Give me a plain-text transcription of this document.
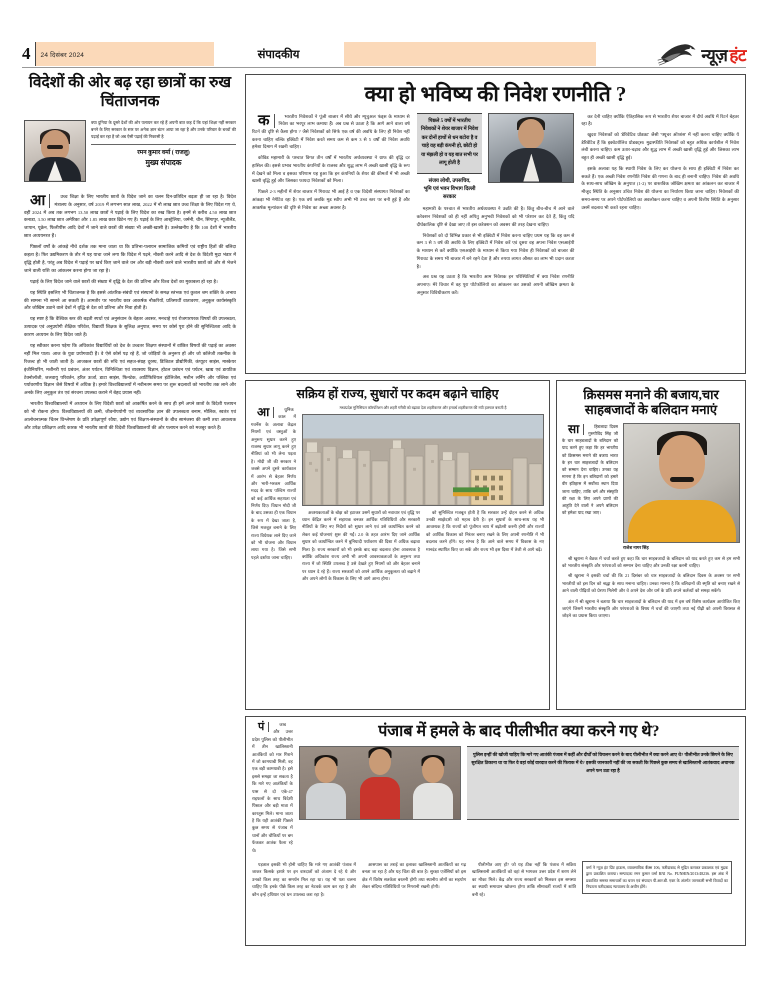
4	24 दिसंबर 2024	संपादकीय	न्यूज़ हंट
विदेशों की ओर बढ़ रहा छात्रों का रुख चिंताजनक
क्या दुनिया के दूसरे देशों की ओर पलायन कर रहे हैं अपनी बात कह दें कि यहां शिक्षा नहीं सरकार बनने के लिए सरकार के स्तर पर अनेक ज्ञान बंटन आया जा रहा है और उनके परिवार के बच्चों की पढ़ाई कर रहा है जो अब ऐसी पढ़ाई की निकासी है
रमन कुमार वर्मा ( राजलु)
मुख्य संपादक

आ	उच्च शिक्षा के लिए भारतीय छात्रों के विदेश जाने का चलन दिन-प्रतिदिन बढ़ता ही जा रहा है। विदेश मंत्रालय के अनुसार, वर्ष 2019 में लगभग सात लाख, 2022 में नौ लाख छात्र उच्च शिक्षा के लिए विदेश गए थे, वहीं 2024 में अब तक लगभग 13.50 लाख छात्रों ने पढ़ाई के लिए विदेश का रुख किया है। इनमें से करीब 4.50 लाख छात्र कनाडा, 3.50 लाख छात्र अमेरिका और 1.85 लाख छात्र ब्रिटेन गए हैं। पढ़ाई के लिए आस्ट्रेलिया, जर्मनी, चीन, सिंगापुर, न्यूजीलैंड, जापान, यूक्रेन, फिलीपींस आदि देशों में जाने वाले छात्रों की संख्या भी अच्छी-खासी है। उल्लेखनीय है कि 108 देशों में भारतीय छात्र अध्ययनरत हैं।

पिछलों वर्षों के आंकड़े नीचे दर्शक तक माना जाता था कि प्रतिभा-पलायन सामाजिक कमियों एवं राष्ट्रीय हितों की बलिदा कहता है। फिर उद्यमिकरण के तौर में यह याचा जाने लगा कि विदेश में पढ़ने, नौकरी करने आदि से देश के विदेशी मुद्रा भंडार में वृद्धि होती है, परंतु अब विदेश में पढ़ाई पर खर्च किए जाने वाले धन और बड़ी नौकरी करने वाले भारतीय छात्रों को और से भेजने जाने वाली राशि का आंकलन करना होगा जा रहा है।

पढ़ाई के लिए विदेश जाने वाले छात्रों की संख्या में वृद्धि के देश की प्रतिभा और विश्व देशों का मुकाबला हो रहा है।

यह स्थिति इसलिए भी चिंताजनक है कि इससे आंतरिक-संबंधी एवं संस्थानों के समक्ष स्तंभक एवं कुशल श्रम शक्ति के अभाव की सामना भी सामने आ सकती है। आमतौर पर भारतीय छात्र आकर्षक नौकरियों, प्रतिस्पर्धी वातावरण, अनुकूल कार्यसंस्कृति और जोखिम उठाने वाले देशों में वृद्धि से देश को प्रतिभा और निवा होती हैं।

यह स्पष्ट है कि वैश्विक स्तर की बढ़ती स्पर्धा एवं अनुसंधान के बेहतर अवसर, मनचाहे एवं रोजगारपरक विषयों की उपलब्धता, उत्पादक एवं अनुप्रयोगी शैक्षिक परिवेश, विद्यार्थी शिक्षक के सुलिक्ष अनुपात, समय पर कोर्स पूरा होने की सुनिश्चितता आदि के कारण अध्ययन के लिए विदेश जाते हैं।

यह स्वीकार करना पड़ेगा कि अधिकांश विद्यार्थियों को देश के उच्चतर शिक्षण संस्थानों में वांछित विषयों की पढ़ाई का अवसर नहीं मिल पाता। आज के युवा प्रयोगवादी हैं। वे ऐसे कोर्स पढ़ रहे हैं, जो जोड़ियों के अनुरूप हों और जो कॉलेजी तकनीक के रिजल्ट हो भी जाती जाती है। आजकल छात्रों की रुचि एवं सहज-संग्रह दूरस्थ, डिजिटल प्रौद्योगिकी, कंप्यूटर साइंस, मास्केयर इंजीनियरिंग, मशीनरी एवं प्रबंधन, अंतर पर्यटन, विनिश्चिता एवं व्यवसाय विज्ञान, होटल प्रबंधन एवं पर्यटन, खाद्य एवं डायटिक टेक्नोलॉजी, जलवायु परिवर्तन, हरित ऊर्जा, डाटा साइंस, फिनटेक, आर्टिफिशियल इंटेलिजेंस, मशीन लर्निंग और पब्लिक एवं पर्यावरणीय विज्ञान जैसे विषयों में अधिक है। हमारे विश्वविद्यालयों में नवीनतम समय पर शुरू बदलावों को भारतीय तक लाने और अनके लिए अनुकूल तंत्र एवं संरचना उपलब्ध कराने में बेहद प्रयास नहीं।

भारतीय विश्वविद्यालयों में अध्ययन के लिए विदेशी छात्रों को आकर्षित करने के साथ ही हमें अपने छात्रों के विदेशी पलायन को भी रोकना होगा। विश्वविद्यालयों की क्रमी, जीवनोपयोगी एवं व्यवसायिक ज्ञान की उपलब्धता बनाम, मौलिक, स्वतंत्र एवं आलोचनात्मक चिंतन विश्लेषण के प्रति उपेक्षापूर्ण रवैया, उद्योग एवं शिक्षण-संस्थानों के बीच सामंजस्य की कमी तथा आवश्यक और उपेक्ष प्रशिक्षण आदि कारक भी भारतीय छात्रों की विदेशी विश्वविद्यालयों की ओर पलायन करने को मजबूर करते हैं।

क्या हो भविष्य की निवेश रणनीति ?

क	भारतीय निवेशकों ने पूंजी बाजार में सीधे और म्यूचुअल फंड्स के माध्यम से निवेश का भरपूर लाभ कमाया हैं। अब प्रश्न से उठता है कि आगे आने वाला वर्ष रिटर्न की दृष्टि से कैसा होगा ? जैसे निवेशकों को सिर्फ एक वर्ष की अवधि के लिए ही निवेश नहीं करना चाहिए बल्कि इक्विटी में निवेश करते समय कम से कम 3 से 5 वर्षों की निवेश अवधि हमेशा दिमाग में रखनी चाहिए।

कोविड महामारी के पश्चात विगत तीन वर्षों में भारतीय अर्थव्यवस्था ने ग्राफ की वृद्धि दर हासिल की। इससे प्रभाव भारतीय कंपनियों के राजस्व और शुद्ध लाभ में अच्छी खासी वृद्धि के रूप में देखने को मिला व इसका परिणाम यह हुआ कि इन कंपनियों के शेयर की कीमतों में भी अच्छी खासी वृद्धि हुई और जिसका फायदा निवेशकों को मिला।

पिछले 2-3 महीनों में शेयर बाजार में गिरावट भी आई है व एक विदेशी संस्थागत निवेशकों का आंकड़ा भी नेगेटिव रहा है। एक वर्ष जबकि मूड स्वीप अभी भी उच्च स्तर पर बनी हुई है और आकर्षक मूल्यांकन की दृष्टि से निवेश का अच्छा अवसर है।

पिछले 5 वर्षों में भारतीय निवेशकों ने शेयर बाजार में निवेश कर दोनों हाथों से धन बटोरा है व चाहे वह बड़ी कंपनी हो, छोटी हो या मंझली हो व यह बात सभी पर लागू होती है
संजय लोथी, उपसचिव,
भूमि एवं भवन विभाग दिल्ली सरकार

महामारी के पश्चात से भारतीय अर्थव्यवस्था ने उन्नति की है। किंतु बीच-बीच में आने वाले करेक्शन निवेशकों को ही नहीं अपितु अनुभवी निवेशकों को भी परेशान कर देते हैं, किंतु यदि दीर्घकालिक दृष्टि से देखा जाए तो इस करेक्शन को अवसर की तरह देखना चाहिए।

निवेशकों को दो विभिन्न प्रकार से भी इक्विटी में निवेश करना चाहिए प्रथम यह कि वह कम से कम 3 से 5 वर्ष की अवधि के लिए इक्विटी में निवेश करें एवं दूसरा वह अपना निवेश एसआईपी के माध्यम से करें क्योंकि एसआईपी के माध्यम से किया गया निवेश ही निवेशकों को बाजार की गिरावट के समय भी बाजार में बने रहने देता है और रुपया लागत औसत का लाभ भी प्रदान करता है।

अब प्रश्न यह उठता है कि भारतीय आम निवेशक इन परिस्थितियों में क्या निवेश रणनीति अपनाए। मेरे विचार में वह पूरा पोर्टफोलियो का आंकलन कर उसको अपनी जोखिम क्षमता के अनुसार विविधीकरण करें।

कर देनी चाहिए क्योंकि ऐतिहासिक रूप से भारतीय शेयर बाजार में दीर्घ अवधि में रिटर्न बेहतर रहा है।

खुदरा निवेशकों को 'डेरिवेटिव प्रोडक्ट' जैसी 'फ्यूचर ऑप्शंस' में नहीं करना चाहिए क्योंकि ये डेरिवेटिव हैं कि इक्वेटरोलिव प्रोडक्ट्स। मुद्रास्फीति निवेशकों को बहुत अधिक कार्यशील में निवेश लंबी करना चाहिए। कम उतार-चढ़ाव और शुद्ध लाभ में अच्छी खासी वृद्धि हुई और जिसका लाभ बहुत ही अच्छी खासी वृद्धि हुई।

इसके अलावा यह कि स्थायी निवेश के लिए कर योजना के साथ ही इक्विटी में निवेश कर सकते हैं। एक अच्छी निवेश रणनीति निवेश की गणना के बाद ही बनानी चाहिए। निवेश की अवधि के साथ-साथ जोखिम के अनुपात (1-2) पर वास्तविक जोखिम क्षमता का आंकलन कर बाजार में मौजूद स्थिति के अनुसार उचित निवेश की योजना का निर्धारण किया जाना चाहिए। निवेशकों की समय-समय पर अपने पोर्टफोलियो का अवलोकन करना चाहिए व अपनी वित्तीय स्थिति के अनुसार उसमें बदलाव भी करते रहना चाहिए।

सक्रिय हों राज्य, सुधारों पर कदम बढ़ाने चाहिए

आ	धुनिक काल में गवर्नेंस के अलावा केंद्रल नियमों एवं वस्तुओं के अनुरूप सुधार करने हुए राजस्व सुधार लागू करने हुए नीतियां को भी लेना पड़ता है। मोदी जी की सरकार ने जबसे अपने दूसरे कार्यकाल में आरंभ से बेहतर निर्णय और भारी-भरकम आर्थिक मदद के साथ पश्चिम राज्यों को कई आर्थिक सहायता एवं निर्णय दिए। विधान मोदी जी के बाद उसका ही एक विधान के रूप में देखा जाता है, जिसे मजबूत बनाने के लिए राज्य विधेयक लाने दिए जाने को भी योजना और विधान लाया गया है। जिसे सभी पहले दर्शाया जाना चाहिए।

मध्यप्रदेश मुनिसिपल कॉरपोरेशन और शहरी गरीबी को बढ़ावा देता शहरीकरण और इनवर्थ शहरीकरण की नयी हलचल बनाती है

अवश्यकताओं के बोझ को हटाकर उसमें सुधारों को नवाचार एवं वृद्धि पर ध्यान केंद्रित करने में सहायक बनकर आर्थिक गतिविधियों और सरकारी नीतियों के लिए नए निर्देशों को सुधार लाने एवं उसे कार्यान्वित करने को लेकर कई योजनाएं शुरू की गईं। 2.0 के तहत आरंभ दिए जाने आर्थिक सुधार को कार्यान्वित करने में बुनियादी पर्यावरण की दिशा में अधिक बढ़ावा मिला है। राज्य सरकारों को भी इसके बाद बड़ा बदलाव होना आवश्यक है क्योंकि अधिकांश राज्य अभी भी अपनी आवश्यकताओं के अनुरूप तथा राज्य में जो स्थिति उपलब्ध है उसे देखते हुए नियमों को और बेहतर बनाने पर ध्यान दे रहे हैं। राज्य सरकारों को अपने आर्थिक अनुकूलता को बढ़ाने में और अपने लोगों के विकास के लिए भी आगे आना होगा।

को सुनिश्चित मजबूत होती है कि सरकार उन्हें दोहन करने से अधिक उनकी साझेदारी को महत्व देती है। इन सुधारों के साथ-साथ यह भी आवश्यक है कि राज्यों को पूंजीगत व्यय में बढ़ोतरी करनी होगी और राज्यों को आर्थिक विकास को निरंतर बनाए रखने के लिए अपनी रणनीति में भी बदलाव करने होंगे। यह संभव है कि आने वाले समय में विकास के नए मानदंड स्थापित किए जा सकें और राज्य भी इस दिशा में तेजी से आगे बढ़ें।

क्रिसमस मनाने की बजाय,चार साहबजादों के बलिदान मनाएं

सा	हिबजादा दिवस गुरुगोविंद सिंह जी के चार साहबजादों के बलिदान को याद करने हुए कहा कि हर भारतीय को क्रिसमस मनाने की बजाय भारत के इन चार साहबजादों के बलिदान को सम्मान देना चाहिए। उनका यह मानना है कि इन बलिदानों को हमारे वीर इतिहास में सर्वोच्च स्थान दिया जाना चाहिए, ताकि धर्म और संस्कृति की रक्षा के लिए अपने प्राणों की आहुति देने वालों ने अपने बलिदान को हमेशा याद रखा जाए।

राजेश नागर सिंह

श्री खुराना ने बैठक में चर्चा करते हुए कहा कि चार साहबजादों के बलिदान को याद करते हुए कम से हम सभी को भारतीय संस्कृति और परंपराओं को सम्मान देना चाहिए और उनकी रक्षा करनी चाहिए।

श्री खुराना ने इसकी चर्चा की कि 21 दिसंबर को चार साहबजादों के बलिदान दिवस के अवसर पर सभी भारतीयों को इस दिन को श्रद्धा के साथ मनाना चाहिए। उनका मानना है कि बलिदानों की स्मृति को बनाए रखने से आने वाली पीढ़ियों को प्रेरणा मिलेगी और वे अपने देश और धर्म के प्रति अपने कर्तव्यों को समझ सकेंगे।

अंत में श्री खुराना ने बताया कि चार साहबजादों के बलिदान की याद में इस वर्ष विशेष कार्यक्रम आयोजित किए जाएंगे जिसमें भारतीय संस्कृति और परंपराओं के विषय में चर्चा की जाएगी तथा नई पीढ़ी को अपनी विरासत से जोड़ने का प्रयास किया जाएगा।

पं	जाब और उत्तर प्रदेश पुलिस को पीलीभीत में तीन खालिस्तानी आतंकियों को मार गिराने में जो कामयाबी मिली, वह एक बड़ी कामयाबी है। इसे इससे समझा जा सकता है कि मारे गए आतंकियों के पास से दो एके-47 राइफलों के साथ विदेशी पिस्टल और बड़ी मात्रा में कारतूस मिले। माना जाता है कि यही आतंकी पिछले कुछ समय से पंजाब में थानों और चौकियों पर बम फेंककर आतंक फैला रहे थे।

पंजाब में हमले के बाद पीलीभीत क्या करने गए थे?
पुलिस इन्हीं की खोजी चाहिए कि मारे गए आतंकी पंजाब में कहीं और दीर्घों को विचलन करने के बाद पीलीभीत में क्या करने आए थे? पीलीभीत उनके छिपने के लिए सुरक्षित ठिकाना था या फिर वे वहां कोई वारदात करने की फिराक में थे? इसकी जानकारी नहीं की जा सकती कि पिछले कुछ समय से खालिस्तानी आतंकवाद अचानक अपने फन उठा रहा है

पड़ताल इसकी भी होनी चाहिए कि मारे गए आतंकी पंजाब में जाकर किसके इशारे पर इन वारदातों को अंजाम दे रहे थे और उनको किस तरह का समर्थन मिल रहा था। यह भी पता चलना चाहिए कि इनके पीछे किस तरह का नेटवर्क काम कर रहा है और कौन इन्हें हथियार एवं धन उपलब्ध करा रहा है।

आसपास का तराई का इलाका खालिस्तानी आतंकियों का गढ़ बनता जा रहा है और यह चिंता की बात है। सुरक्षा एजेंसियों को इस क्षेत्र में विशेष सतर्कता बरतनी होगी तथा स्थानीय लोगों का सहयोग लेकर संदिग्ध गतिविधियों पर निगरानी रखनी होगी।

पीलीभीत आए हों? जो यह ठीक नहीं कि पंजाब में सक्रिय खालिस्तानी आतंकियों को वहां से भागकर उत्तर प्रदेश में शरण लेने का मौका मिले। केंद्र और राज्य सरकारों को मिलकर इस समस्या का स्थायी समाधान खोजना होगा ताकि सीमावर्ती राज्यों में शांति बनी रहे।

वर्मा ने न्यूज़ हंट प्रिंट हाऊस, व्यावसायिक बैंक्स 106, फरीदाबाद से मुद्रित कराकर प्रकाशक एवं मुद्रक द्वारा प्रकाशित कराया। सम्पादकः रमन कुमार वर्मा RNI No. PUNHIN/2013/48236. इस अंक में प्रकाशित समस्त समाचारों का चयन एवं संपादन पी.आर.बी. एक्ट के अंतर्गत जानकारी सभी विवादों का निपटारा फरीदाबाद न्यायालय के अधीन होंगे।
